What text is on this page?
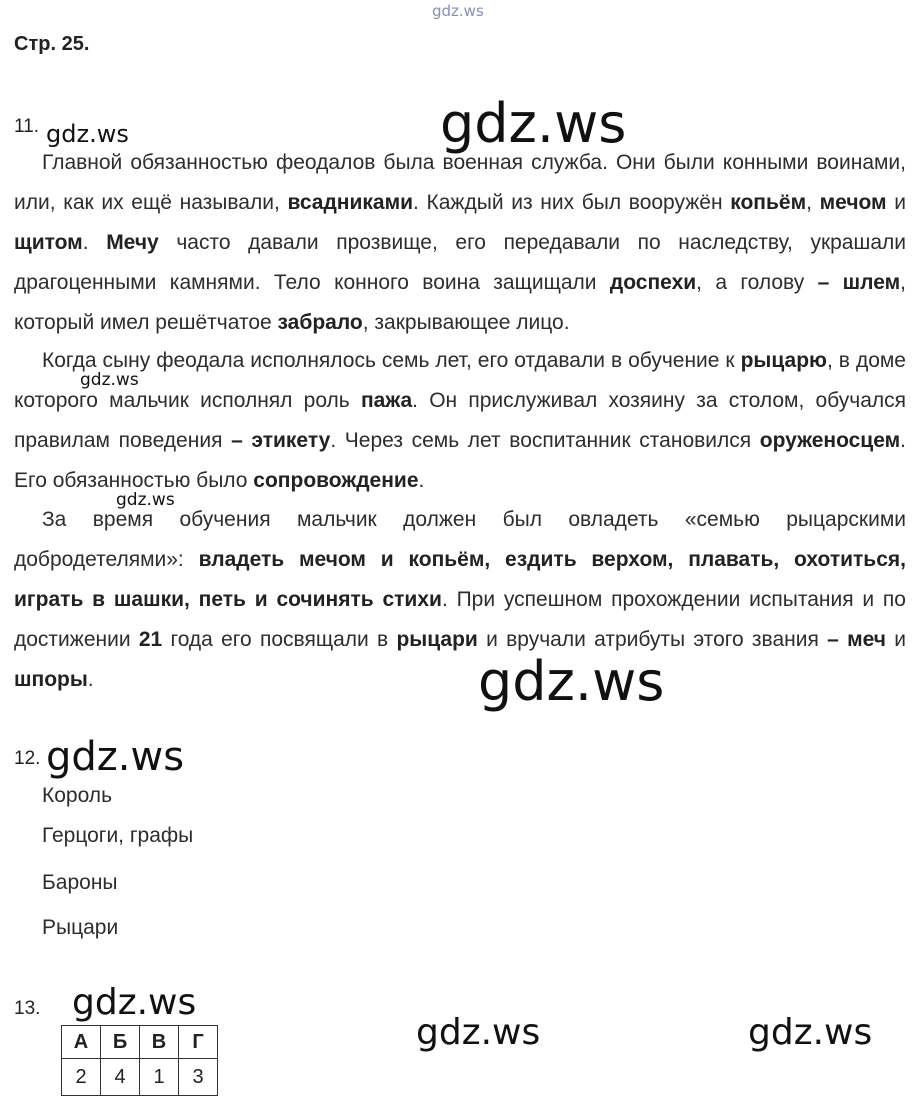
gdz.ws
gdz.ws
gdz.ws
gdz.ws
gdz.ws
gdz.ws
gdz.ws
gdz.ws
gdz.ws	gdz.ws
Стр. 25.
11.

Главной обязанностью феодалов была военная служба. Они были конными воинами, или, как их ещё называли, всадниками. Каждый из них был вооружён копьём, мечом и щитом. Мечу часто давали прозвище, его передавали по наследству, украшали драгоценными камнями. Тело конного воина защищали доспехи, а голову – шлем, который имел решётчатое забрало, закрывающее лицо.

Когда сыну феодала исполнялось семь лет, его отдавали в обучение к рыцарю, в доме которого мальчик исполнял роль пажа. Он прислуживал хозяину за столом, обучался правилам поведения – этикету. Через семь лет воспитанник становился оруженосцем. Его обязанностью было сопровождение.

За время обучения мальчик должен был овладеть «семью рыцарскими добродетелями»: владеть мечом и копьём, ездить верхом, плавать, охотиться, играть в шашки, петь и сочинять стихи. При успешном прохождении испытания и по достижении 21 года его посвящали в рыцари и вручали атрибуты этого звания – меч и шпоры.

12.
Король
Герцоги, графы
Бароны
Рыцари
13.
А	Б	В	Г
2	4	1	3
